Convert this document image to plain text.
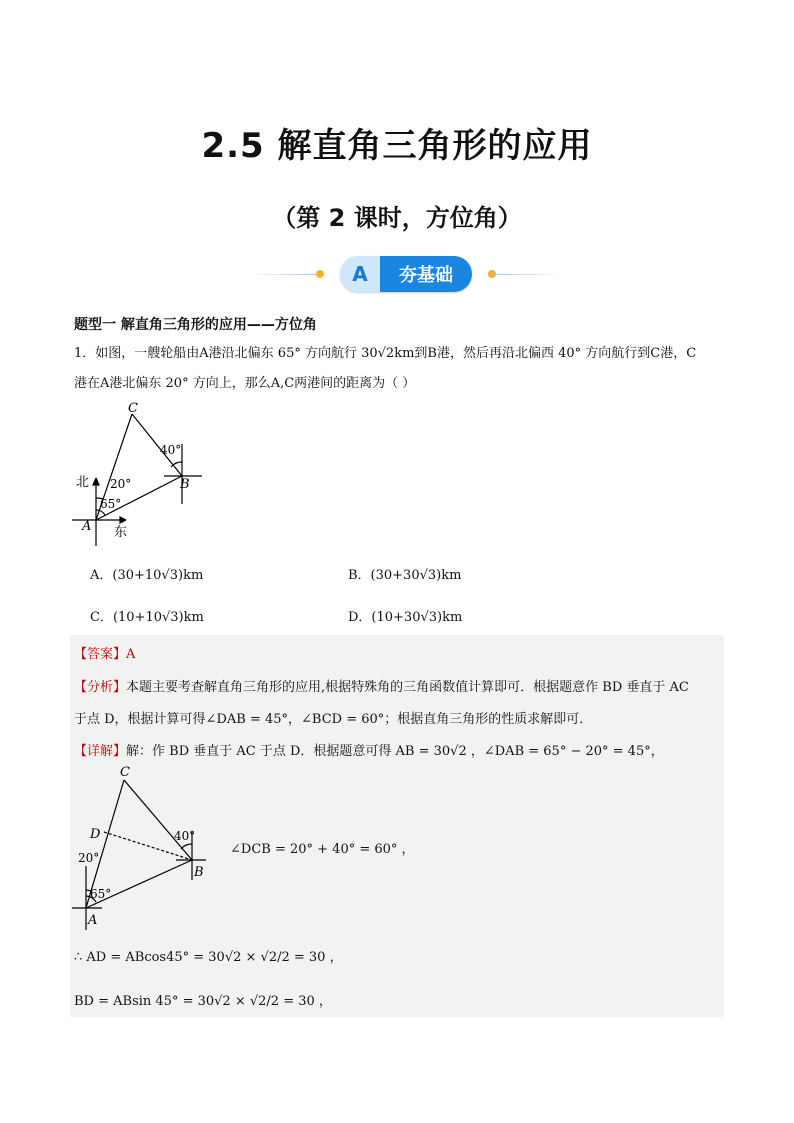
2.5 解直角三角形的应用
（第 2 课时，方位角）
A	夯基础
题型一 解直角三角形的应用——方位角
1．如图，一艘轮船由A港沿北偏东 65° 方向航行 30√2km到B港，然后再沿北偏西 40° 方向航行到C港，C
港在A港北偏东 20° 方向上，那么A,C两港间的距离为（ ）
C
B
A
北
东
40°
20°
65°
A．(30+10√3)km	B．(30+30√3)km
C．(10+10√3)km	D．(10+30√3)km
【答案】A
【分析】本题主要考查解直角三角形的应用,根据特殊角的三角函数值计算即可．根据题意作 BD 垂直于 AC
于点 D，根据计算可得∠DAB = 45°，∠BCD = 60°；根据直角三角形的性质求解即可．
【详解】解：作 BD 垂直于 AC 于点 D．根据题意可得 AB = 30√2 ，∠DAB = 65° − 20° = 45°，
C
D
B
A
40°
20°
65°
∠DCB = 20° + 40° = 60° ，
∴ AD = ABcos45° = 30√2 × √2/2 = 30 ，
BD = ABsin 45° = 30√2 × √2/2 = 30 ，
